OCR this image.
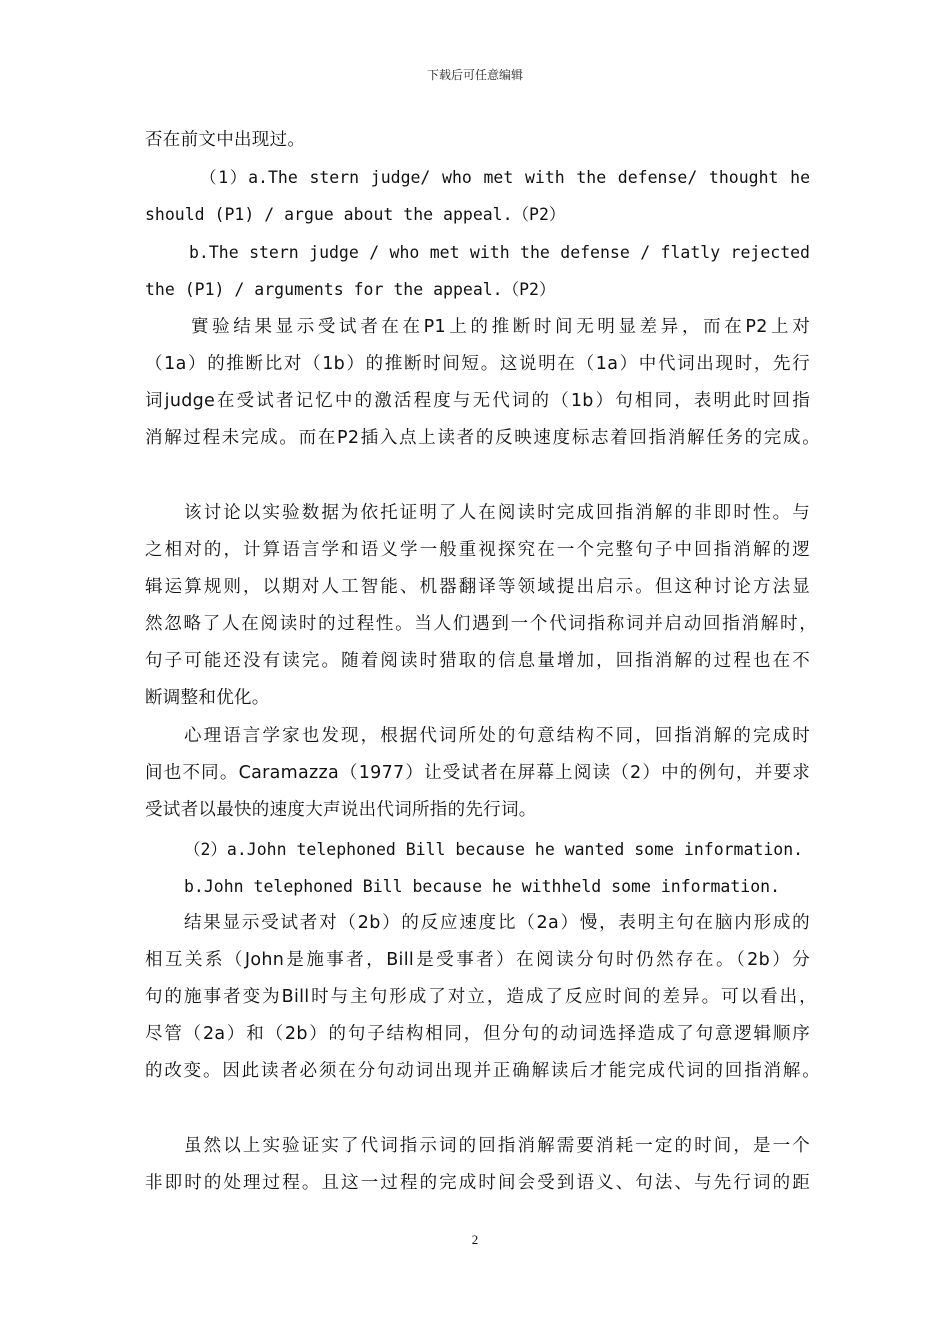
下载后可任意编辑
否在前文中出现过。
（1）a.The stern judge/ who met with the defense/ thought he
should (P1) / argue about the appeal.（P2）
b.The stern judge / who met with the defense / flatly rejected
the (P1) / arguments for the appeal.（P2）
實验结果显示受试者在在P1上的推断时间无明显差异，而在P2上对
（1a）的推断比对（1b）的推断时间短。这说明在（1a）中代词出现时，先行
词judge在受试者记忆中的激活程度与无代词的（1b）句相同，表明此时回指
消解过程未完成。而在P2插入点上读者的反映速度标志着回指消解任务的完成。
该讨论以实验数据为依托证明了人在阅读时完成回指消解的非即时性。与
之相对的，计算语言学和语义学一般重视探究在一个完整句子中回指消解的逻
辑运算规则，以期对人工智能、机器翻译等领域提出启示。但这种讨论方法显
然忽略了人在阅读时的过程性。当人们遇到一个代词指称词并启动回指消解时，
句子可能还没有读完。随着阅读时猎取的信息量增加，回指消解的过程也在不
断调整和优化。
心理语言学家也发现，根据代词所处的句意结构不同，回指消解的完成时
间也不同。Caramazza（1977）让受试者在屏幕上阅读（2）中的例句，并要求
受试者以最快的速度大声说出代词所指的先行词。
（2）a.John telephoned Bill because he wanted some information.
b.John telephoned Bill because he withheld some information.
结果显示受试者对（2b）的反应速度比（2a）慢，表明主句在脑内形成的
相互关系（John是施事者，Bill是受事者）在阅读分句时仍然存在。（2b）分
句的施事者变为Bill时与主句形成了对立，造成了反应时间的差异。可以看出，
尽管（2a）和（2b）的句子结构相同，但分句的动词选择造成了句意逻辑顺序
的改变。因此读者必须在分句动词出现并正确解读后才能完成代词的回指消解。
虽然以上实验证实了代词指示词的回指消解需要消耗一定的时间，是一个
非即时的处理过程。且这一过程的完成时间会受到语义、句法、与先行词的距
2
